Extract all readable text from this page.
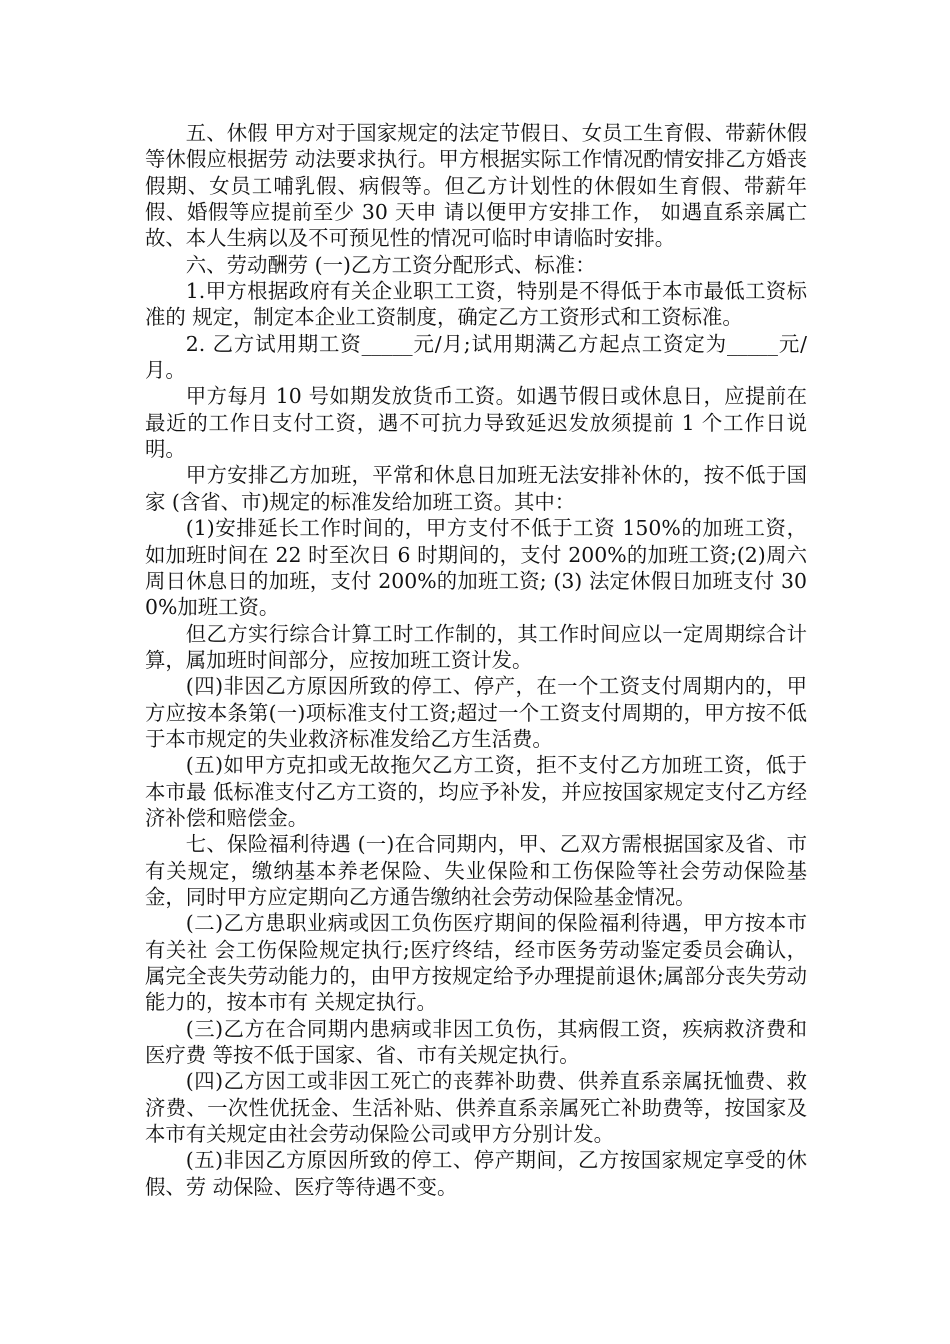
五、休假 甲方对于国家规定的法定节假日、女员工生育假、带薪休假等休假应根据劳 动法要求执行。甲方根据实际工作情况酌情安排乙方婚丧假期、女员工哺乳假、病假等。但乙方计划性的休假如生育假、带薪年假、婚假等应提前至少 30 天申 请以便甲方安排工作， 如遇直系亲属亡故、本人生病以及不可预见性的情况可临时申请临时安排。

六、劳动酬劳 (一)乙方工资分配形式、标准：

1.甲方根据政府有关企业职工工资，特别是不得低于本市最低工资标准的 规定，制定本企业工资制度，确定乙方工资形式和工资标准。

2. 乙方试用期工资_____元/月;试用期满乙方起点工资定为_____元/月。

甲方每月 10 号如期发放货币工资。如遇节假日或休息日，应提前在最近的工作日支付工资，遇不可抗力导致延迟发放须提前 1 个工作日说明。

甲方安排乙方加班，平常和休息日加班无法安排补休的，按不低于国家 (含省、市)规定的标准发给加班工资。其中：

(1)安排延长工作时间的，甲方支付不低于工资 150%的加班工资，如加班时间在 22 时至次日 6 时期间的，支付 200%的加班工资;(2)周六周日休息日的加班，支付 200%的加班工资; (3) 法定休假日加班支付 300%加班工资。

但乙方实行综合计算工时工作制的，其工作时间应以一定周期综合计算，属加班时间部分，应按加班工资计发。

(四)非因乙方原因所致的停工、停产，在一个工资支付周期内的，甲方应按本条第(一)项标准支付工资;超过一个工资支付周期的，甲方按不低于本市规定的失业救济标准发给乙方生活费。

(五)如甲方克扣或无故拖欠乙方工资，拒不支付乙方加班工资，低于本市最 低标准支付乙方工资的，均应予补发，并应按国家规定支付乙方经济补偿和赔偿金。

七、保险福利待遇 (一)在合同期内，甲、乙双方需根据国家及省、市有关规定，缴纳基本养老保险、失业保险和工伤保险等社会劳动保险基金，同时甲方应定期向乙方通告缴纳社会劳动保险基金情况。

(二)乙方患职业病或因工负伤医疗期间的保险福利待遇，甲方按本市有关社 会工伤保险规定执行;医疗终结，经市医务劳动鉴定委员会确认，属完全丧失劳动能力的，由甲方按规定给予办理提前退休;属部分丧失劳动能力的，按本市有 关规定执行。

(三)乙方在合同期内患病或非因工负伤，其病假工资，疾病救济费和医疗费 等按不低于国家、省、市有关规定执行。

(四)乙方因工或非因工死亡的丧葬补助费、供养直系亲属抚恤费、救济费、一次性优抚金、生活补贴、供养直系亲属死亡补助费等，按国家及本市有关规定由社会劳动保险公司或甲方分别计发。

(五)非因乙方原因所致的停工、停产期间，乙方按国家规定享受的休假、劳 动保险、医疗等待遇不变。
